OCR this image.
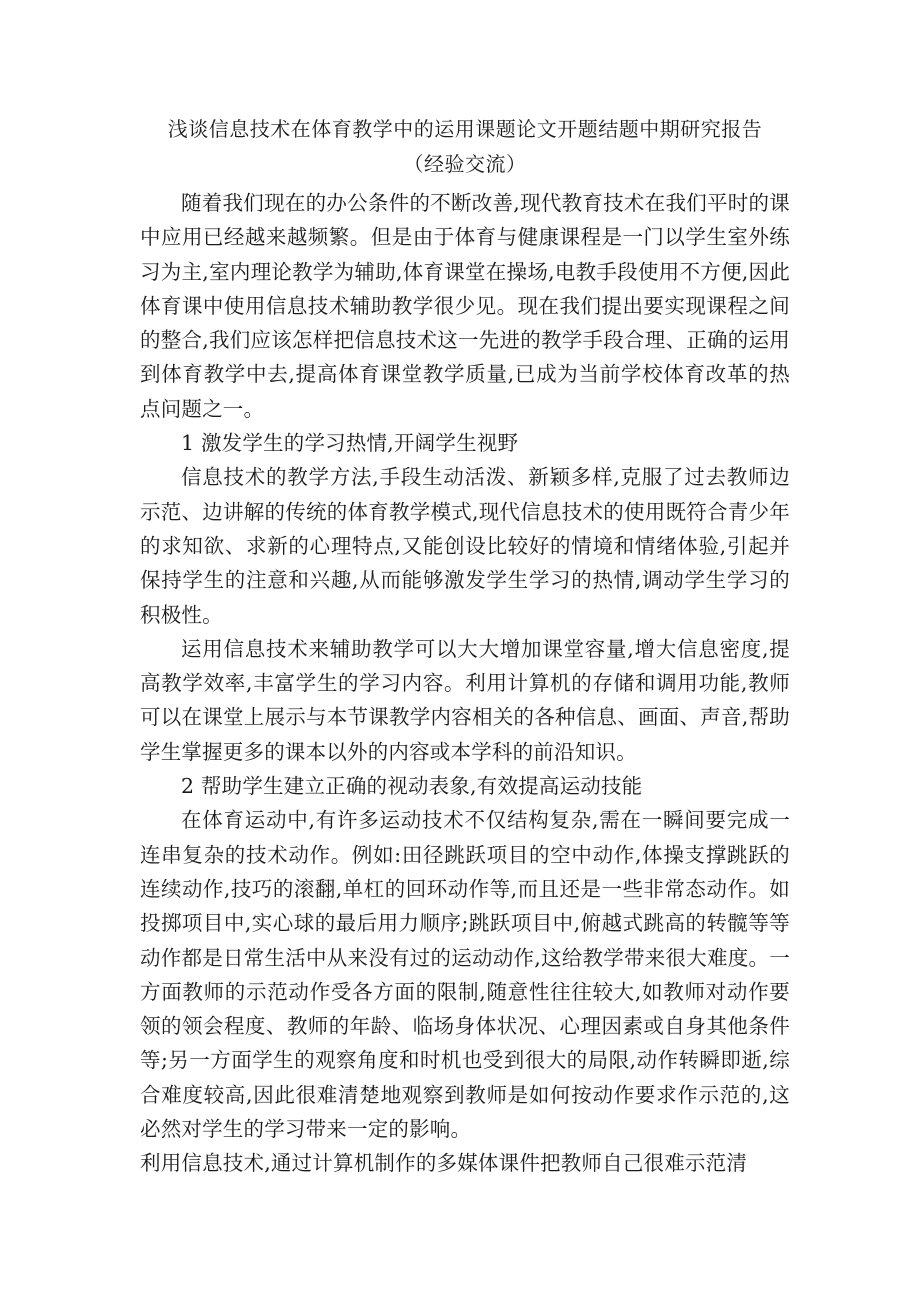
浅谈信息技术在体育教学中的运用课题论文开题结题中期研究报告
（经验交流）

随着我们现在的办公条件的不断改善,现代教育技术在我们平时的课中应用已经越来越频繁。但是由于体育与健康课程是一门以学生室外练习为主,室内理论教学为辅助,体育课堂在操场,电教手段使用不方便,因此体育课中使用信息技术辅助教学很少见。现在我们提出要实现课程之间的整合,我们应该怎样把信息技术这一先进的教学手段合理、正确的运用到体育教学中去,提高体育课堂教学质量,已成为当前学校体育改革的热点问题之一。

1 激发学生的学习热情,开阔学生视野

信息技术的教学方法,手段生动活泼、新颖多样,克服了过去教师边示范、边讲解的传统的体育教学模式,现代信息技术的使用既符合青少年的求知欲、求新的心理特点,又能创设比较好的情境和情绪体验,引起并保持学生的注意和兴趣,从而能够激发学生学习的热情,调动学生学习的积极性。

运用信息技术来辅助教学可以大大增加课堂容量,增大信息密度,提高教学效率,丰富学生的学习内容。利用计算机的存储和调用功能,教师可以在课堂上展示与本节课教学内容相关的各种信息、画面、声音,帮助学生掌握更多的课本以外的内容或本学科的前沿知识。

2 帮助学生建立正确的视动表象,有效提高运动技能

在体育运动中,有许多运动技术不仅结构复杂,需在一瞬间要完成一连串复杂的技术动作。例如:田径跳跃项目的空中动作,体操支撑跳跃的连续动作,技巧的滚翻,单杠的回环动作等,而且还是一些非常态动作。如投掷项目中,实心球的最后用力顺序;跳跃项目中,俯越式跳高的转髋等等动作都是日常生活中从来没有过的运动动作,这给教学带来很大难度。一方面教师的示范动作受各方面的限制,随意性往往较大,如教师对动作要领的领会程度、教师的年龄、临场身体状况、心理因素或自身其他条件等;另一方面学生的观察角度和时机也受到很大的局限,动作转瞬即逝,综合难度较高,因此很难清楚地观察到教师是如何按动作要求作示范的,这必然对学生的学习带来一定的影响。

利用信息技术,通过计算机制作的多媒体课件把教师自己很难示范清
